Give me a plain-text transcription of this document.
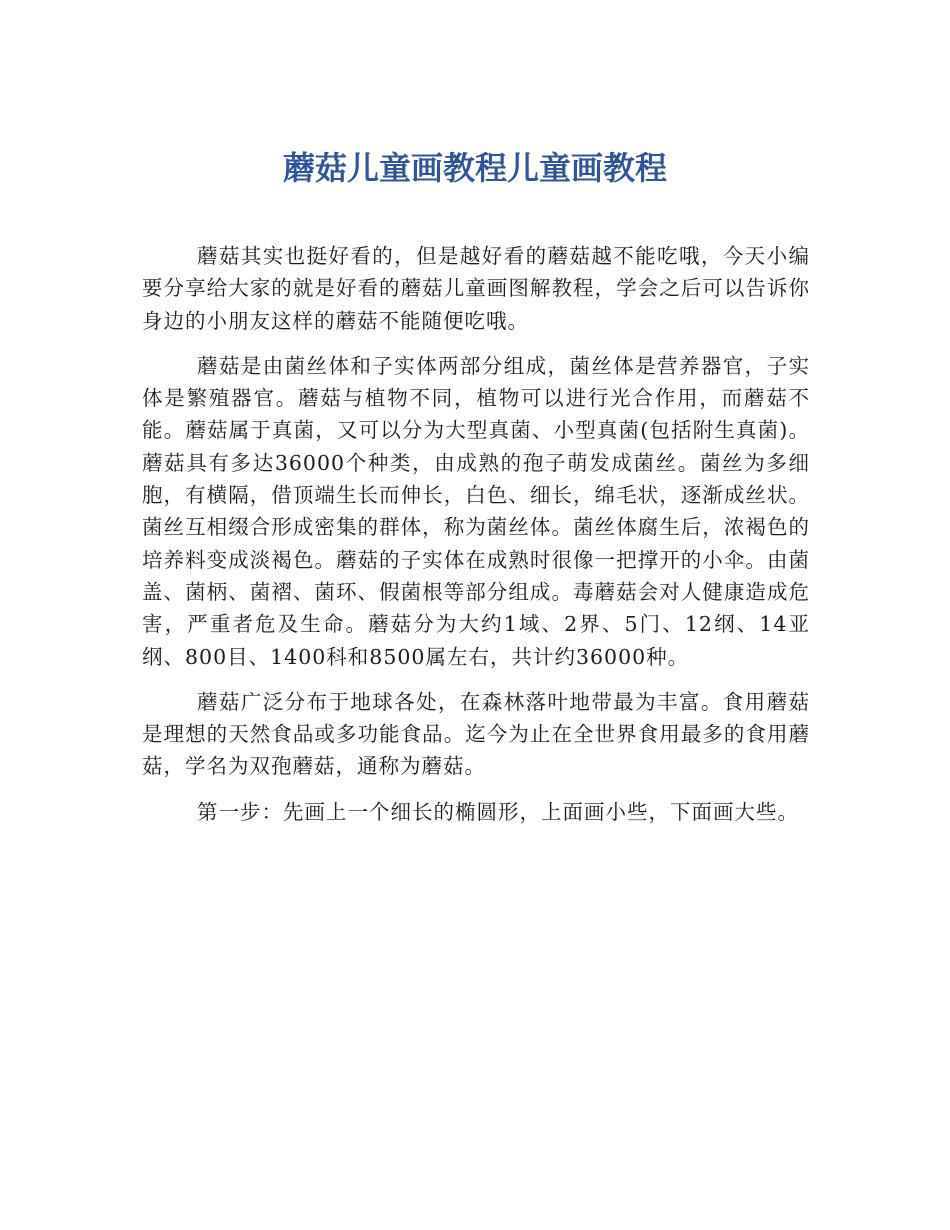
蘑菇儿童画教程儿童画教程

蘑菇其实也挺好看的，但是越好看的蘑菇越不能吃哦，今天小编要分享给大家的就是好看的蘑菇儿童画图解教程，学会之后可以告诉你身边的小朋友这样的蘑菇不能随便吃哦。

蘑菇是由菌丝体和子实体两部分组成，菌丝体是营养器官，子实体是繁殖器官。蘑菇与植物不同，植物可以进行光合作用，而蘑菇不能。蘑菇属于真菌，又可以分为大型真菌、小型真菌(包括附生真菌)。蘑菇具有多达36000个种类，由成熟的孢子萌发成菌丝。菌丝为多细胞，有横隔，借顶端生长而伸长，白色、细长，绵毛状，逐渐成丝状。菌丝互相缀合形成密集的群体，称为菌丝体。菌丝体腐生后，浓褐色的培养料变成淡褐色。蘑菇的子实体在成熟时很像一把撑开的小伞。由菌盖、菌柄、菌褶、菌环、假菌根等部分组成。毒蘑菇会对人健康造成危害，严重者危及生命。蘑菇分为大约1域、2界、5门、12纲、14亚纲、800目、1400科和8500属左右，共计约36000种。

蘑菇广泛分布于地球各处，在森林落叶地带最为丰富。食用蘑菇是理想的天然食品或多功能食品。迄今为止在全世界食用最多的食用蘑菇，学名为双孢蘑菇，通称为蘑菇。

第一步：先画上一个细长的椭圆形，上面画小些，下面画大些。
